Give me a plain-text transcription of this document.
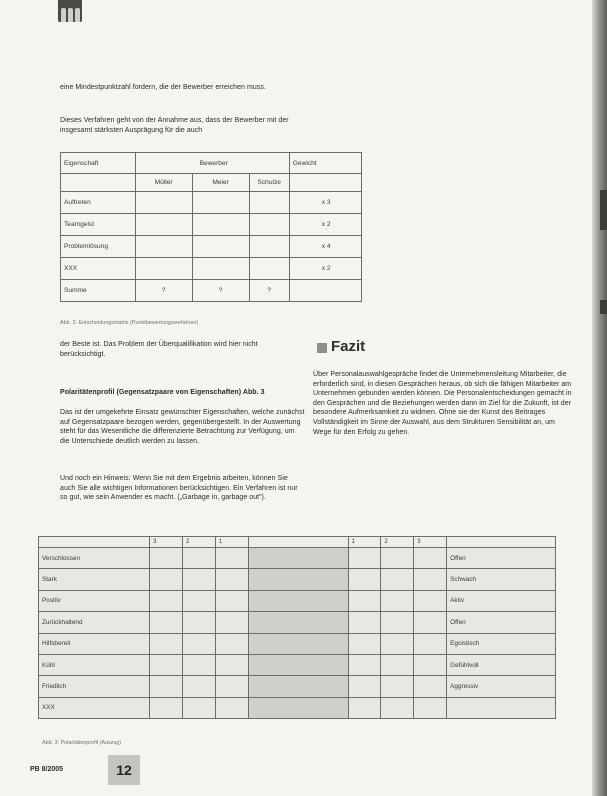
eine Mindestpunktzahl fordern, die der Bewerber erreichen muss.
Dieses Verfahren geht von der Annahme aus, dass der Bewerber mit der insgesamt stärksten Ausprägung für die auch
Eigenschaft	Bewerber			Gewicht
	Müller	Meier	Schulze	
Auftreten				x 3
Teamgeist				x 2
Problemlösung				x 4
XXX				x 2
Summe	?	?	?	
Abb. 2: Entscheidungsmatrix (Punktbewertungsverfahren)
der Beste ist. Das Problem der Überqualifikation wird hier nicht berücksichtigt.
Polaritätenprofil (Gegensatzpaare von Eigenschaften) Abb. 3
Das ist der umgekehrte Einsatz gewünschter Eigenschaften, welche zunächst auf Gegensatzpaare bezogen werden, gegenübergestellt. In der Auswertung steht für das Wesentliche die differenzierte Betrachtung zur Verfügung, um die Unterschiede deutlich werden zu lassen.
Und noch ein Hinweis: Wenn Sie mit dem Ergebnis arbeiten, können Sie auch Sie alle wichtigen Informationen berücksichtigen. Ein Verfahren ist nur so gut, wie sein Anwender es macht. („Garbage in, garbage out“).
Fazit
Über Personalauswahlgespräche findet die Unternehmensleitung Mitarbeiter, die erforderlich sind, in diesen Gesprächen heraus, ob sich die fähigen Mitarbeiter am Unternehmen gebunden werden können. Die Personalentscheidungen gemacht in den Gesprächen und die Beziehungen werden dann im Ziel für die Zukunft, ist der besondere Aufmerksamkeit zu widmen. Ohne sie der Kunst des Beitrages Vollständigkeit im Sinne der Auswahl, aus dem Strukturen Sensibilität an, um Wege für den Erfolg zu gehen.
	3	2	1		1	2	3	
Verschlossen								Offen
Stark								Schwach
Positiv								Aktiv
Zurückhaltend								Offen
Hilfsbereit								Egoistisch
Kühl								Gefühlvoll
Friedlich								Aggressiv
XXX								
Abb. 3: Polaritätenprofil (Auszug)
PB 8/2005	12
